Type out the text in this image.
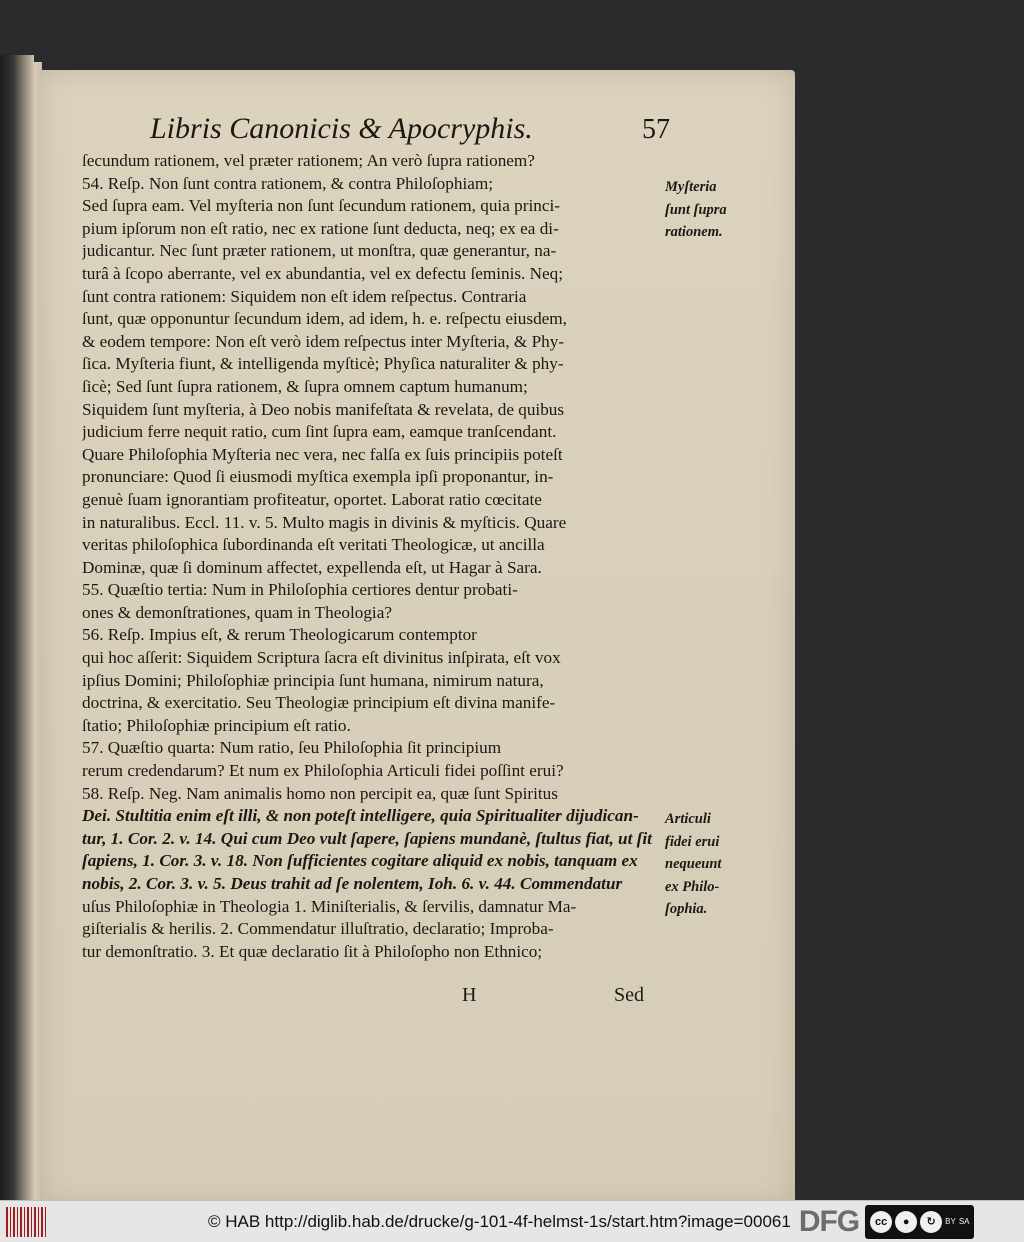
Libris Canonicis & Apocryphis.	57
ſecundum rationem, vel præter rationem; An verò ſupra rationem?
54. Reſp. Non ſunt contra rationem, & contra Philoſophiam;
Sed ſupra eam. Vel myſteria non ſunt ſecundum rationem, quia princi-
pium ipſorum non eſt ratio, nec ex ratione ſunt deducta, neq; ex ea di-
judicantur. Nec ſunt præter rationem, ut monſtra, quæ generantur, na-
turâ à ſcopo aberrante, vel ex abundantia, vel ex defectu ſeminis. Neq;
ſunt contra rationem: Siquidem non eſt idem reſpectus. Contraria
ſunt, quæ opponuntur ſecundum idem, ad idem, h. e. reſpectu eiusdem,
& eodem tempore: Non eſt verò idem reſpectus inter Myſteria, & Phy-
ſica. Myſteria fiunt, & intelligenda myſticè; Phyſica naturaliter & phy-
ſicè; Sed ſunt ſupra rationem, & ſupra omnem captum humanum;
Siquidem ſunt myſteria, à Deo nobis manifeſtata & revelata, de quibus
judicium ferre nequit ratio, cum ſint ſupra eam, eamque tranſcendant.
Quare Philoſophia Myſteria nec vera, nec falſa ex ſuis principiis poteſt
pronunciare: Quod ſi eiusmodi myſtica exempla ipſi proponantur, in-
genuè ſuam ignorantiam profiteatur, oportet. Laborat ratio cœcitate
in naturalibus. Eccl. 11. v. 5. Multo magis in divinis & myſticis. Quare
veritas philoſophica ſubordinanda eſt veritati Theologicæ, ut ancilla
Dominæ, quæ ſi dominum affectet, expellenda eſt, ut Hagar à Sara.
55. Quæſtio tertia: Num in Philoſophia certiores dentur probati-
ones & demonſtrationes, quam in Theologia?
56. Reſp. Impius eſt, & rerum Theologicarum contemptor
qui hoc aſſerit: Siquidem Scriptura ſacra eſt divinitus inſpirata, eſt vox
ipſius Domini; Philoſophiæ principia ſunt humana, nimirum natura,
doctrina, & exercitatio. Seu Theologiæ principium eſt divina manife-
ſtatio; Philoſophiæ principium eſt ratio.
57. Quæſtio quarta: Num ratio, ſeu Philoſophia ſit principium
rerum credendarum? Et num ex Philoſophia Articuli fidei poſſint erui?
58. Reſp. Neg. Nam animalis homo non percipit ea, quæ ſunt Spiritus
Dei. Stultitia enim eſt illi, & non poteſt intelligere, quia Spiritualiter dijudican-
tur, 1. Cor. 2. v. 14. Qui cum Deo vult ſapere, ſapiens mundanè, ſtultus fiat, ut ſit
ſapiens, 1. Cor. 3. v. 18. Non ſufficientes cogitare aliquid ex nobis, tanquam ex
nobis, 2. Cor. 3. v. 5. Deus trahit ad ſe nolentem, Ioh. 6. v. 44. Commendatur
uſus Philoſophiæ in Theologia 1. Miniſterialis, & ſervilis, damnatur Ma-
giſterialis & herilis. 2. Commendatur illuſtratio, declaratio; Improba-
tur demonſtratio. 3. Et quæ declaratio ſit à Philoſopho non Ethnico;
Myſteria
ſunt ſupra
rationem.
Articuli
fidei erui
nequeunt
ex Philo-
ſophia.
H	Sed
© HAB http://diglib.hab.de/drucke/g-101-4f-helmst-1s/start.htm?image=00061 DFG	cc	●	↻	BY SA
